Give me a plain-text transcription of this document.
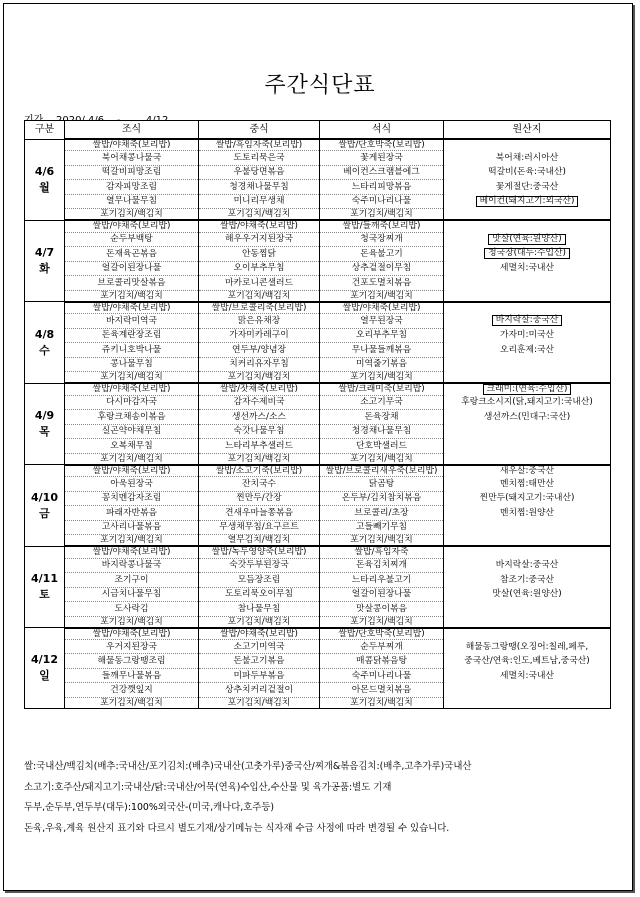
주간식단표
구분	조식	중식	석식	원산지

4/6
월	쌀밥/야채죽(보리밥)	쌀밥/흑임자죽(보리밥)	쌀밥/단호박죽(보리밥)	
	북어채콩나물국	도토리묵은국	꽃게된장국	북어채:러시아산
	떡갈비피망조림	우불당면볶음	베이컨스크램블에그	떡갈비(돈육:국내산)
	감자피망조림	청경채나물무침	느타리피망볶음	꽃게절단:중국산
	열무나물무침	미니리무생채	숙주미나리나물	베이컨(돼지고기:외국산)
	포기김치/백김치	포기김치/백김치	포기김치/백김치	

4/7
화	쌀밥/야채죽(보리밥)	쌀밥/야채죽(보리밥)	쌀밥/들깨죽(보리밥)	
	순두부백탕	해우우거지된장국	청국장찌개	맛살(연육:원양산)
	돈재육곤볶음	안동찜닭	돈육불고기	청국장(대두:수입산)
	얼갈이된장나물	오이부추무침	상추겉절이무침	세멸치:국내산
	브로콜리맛살볶음	마카로니콘샐러드	건포도멸치볶음	
	포기김치/백김치	포기김치/백김치	포기김치/백김치	

4/8
수	쌀밥/야채죽(보리밥)	쌀밥/브로콜리죽(보리밥)	쌀밥/야채죽(보리밥)	
	바지락미역국	맑은유채장	열무된장국	바지락살:중국산
	돈육계란장조림	가자미카레구이	오리부추무침	가자미:미국산
	쥬키니호박나물	연두부/양념장	무나물들깨볶음	오리훈제:국산
	콩나물무침	치커리유자무침	미역줄기볶음	
	포기김치/백김치	포기김치/백김치	포기김치/백김치	

4/9
목	쌀밥/야채죽(보리밥)	쌀밥/잣채죽(보리밥)	쌀밥/크래미죽(보리밥)	크래미:(연육:수입산)
	다시마감자국	감자수제비국	소고기무국	후랑크소시지(닭,돼지고기:국내산)
	후랑크채송이볶음	생선까스/소스	돈육장채	생선까스(민대구:국산)
	실곤약야채무침	숙갓나물무침	청경채나물무침	
	오복채무침	느타리부추샐러드	단호박샐러드	
	포기김치/백김치	포기김치/백김치	포기김치/백김치	

4/10
금	쌀밥/야채죽(보리밥)	쌀밥/소고기죽(보리밥)	쌀밥/브로콜리새우죽(보리밥)	새우살:중국산
	아욱된장국	잔치국수	닭곰탕	멘치찜:태만산
	꽁치멘감자조림	찐만두/간장	온두부/김치참치볶음	찐만두(돼지고기:국내산)
	파래자반볶음	견새우마늘쫑볶음	브로콜리/초장	멘치찜:원양산
	고사리나물볶음	무생채무침/요구르트	고들빼기무침	
	포기김치/백김치	열무김치/백김치	포기김치/백김치	

4/11
토	쌀밥/야채죽(보리밥)	쌀밥/녹두영양죽(보리밥)	쌀밥/흑임자죽	
	바지락콩나물국	숙갓두부된장국	돈육김치찌개	바지락살:중국산
	조기구이	모듬장조림	느타리우불고기	참조기:중국산
	시금치나물무침	도토리묵오이무침	얼갈이된장나물	맛살(연육:원양산)
	도사락김	참나물무침	맛살콩이볶음	
	포기김치/백김치	포기김치/백김치	포기김치/백김치	

4/12
일	쌀밥/야채죽(보리밥)	쌀밥/야채죽(보리밥)	쌀밥/단호박죽(보리밥)	
	우거지된장국	소고기미역국	순두부찌개	해물동그랑땡(오징어:칠레,페루,
	해물동그랑땡조림	돈불고기볶음	매콤닭볶음탕	중국산/연육:인도,베트남,중국산)
	들깨무나물볶음	미파두부볶음	숙주미나리나물	세멸치:국내산
	건강깻잎지	상추치커리겉절이	아몬드멸치볶음	
	포기김치/백김치	포기김치/백김치	포기김치/백김치	
쌀:국내산/백김치(배추:국내산/포기김치:(배추)국내산(고춧가루)중국산/찌개&볶음김치:(배추,고추가루)국내산
소고기:호주산/돼지고기:국내산/닭:국내산/어묵(연육)수입산,수산물 및 육가공품:별도 기재
두부,순두부,연두부(대두):100%외국산-(미국,캐나다,호주등)
돈육,우육,계육 원산지 표기와 다르시 별도기재/상기메뉴는 식자재 수급 사정에 따라 변경될 수 있습니다.
